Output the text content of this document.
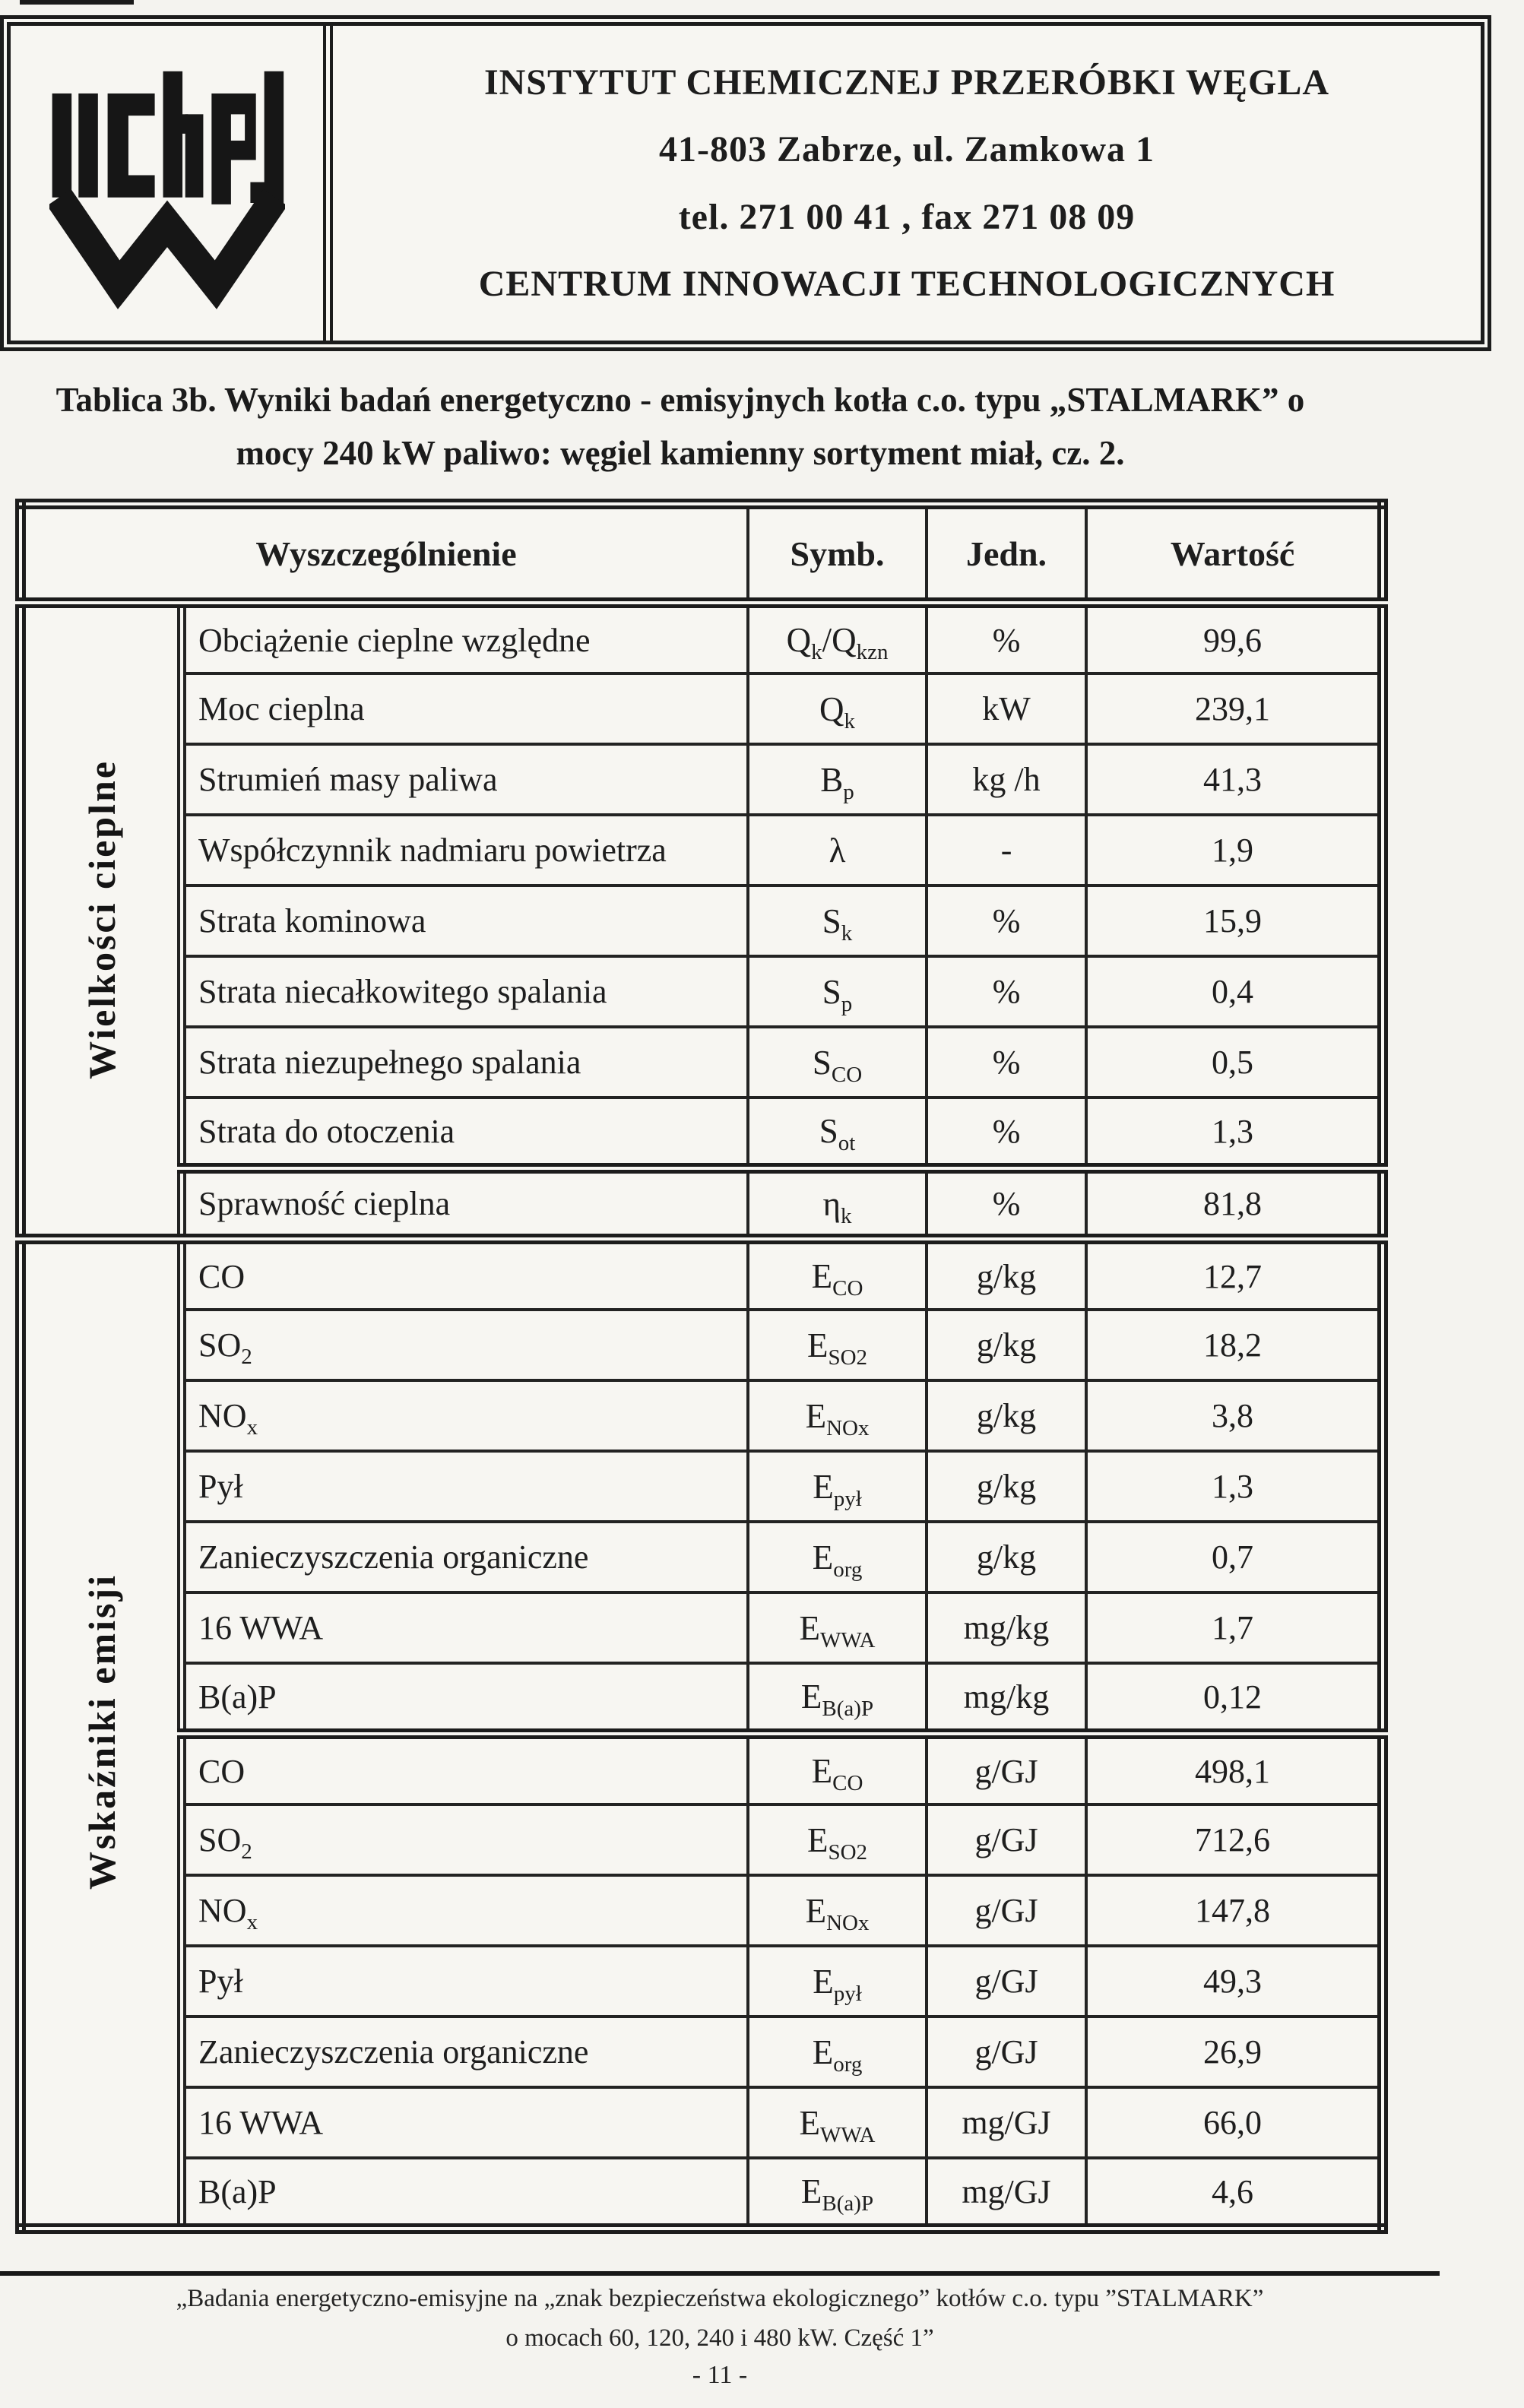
INSTYTUT CHEMICZNEJ PRZERÓBKI WĘGLA
41-803 Zabrze, ul. Zamkowa 1
tel. 271 00 41 , fax 271 08 09
CENTRUM INNOWACJI TECHNOLOGICZNYCH
Tablica 3b. Wyniki badań energetyczno - emisyjnych kotła c.o. typu „STALMARK” o
mocy 240 kW paliwo: węgiel kamienny sortyment miał, cz. 2.
Wyszczególnienie		Symb.	Jedn.	Wartość
Wielkości cieplne	Obciążenie cieplne względne	$Q_k/Q_{kzn}$	%	99,6
	Moc cieplna	$Q_k$	kW	239,1
	Strumień masy paliwa	$B_p$	kg /h	41,3
	Współczynnik nadmiaru powietrza	λ	-	1,9
	Strata kominowa	$S_k$	%	15,9
	Strata niecałkowitego spalania	$S_p$	%	0,4
	Strata niezupełnego spalania	$S_{CO}$	%	0,5
	Strata do otoczenia	$S_{ot}$	%	1,3
	Sprawność cieplna	$\eta_k$	%	81,8
Wskaźniki emisji	CO	$E_{CO}$	g/kg	12,7
	$SO_2$	$E_{SO2}$	g/kg	18,2
	$NO_x$	$E_{NOx}$	g/kg	3,8
	Pył	$E_{pył}$	g/kg	1,3
	Zanieczyszczenia organiczne	$E_{org}$	g/kg	0,7
	16 WWA	$E_{WWA}$	mg/kg	1,7
	B(a)P	$E_{B(a)P}$	mg/kg	0,12
	CO	$E_{CO}$	g/GJ	498,1
	$SO_2$	$E_{SO2}$	g/GJ	712,6
	$NO_x$	$E_{NOx}$	g/GJ	147,8
	Pył	$E_{pył}$	g/GJ	49,3
	Zanieczyszczenia organiczne	$E_{org}$	g/GJ	26,9
	16 WWA	$E_{WWA}$	mg/GJ	66,0
	B(a)P	$E_{B(a)P}$	mg/GJ	4,6
„Badania energetyczno-emisyjne na „znak bezpieczeństwa ekologicznego” kotłów c.o. typu ”STALMARK”
o mocach 60, 120, 240 i 480 kW. Część 1”
- 11 -
